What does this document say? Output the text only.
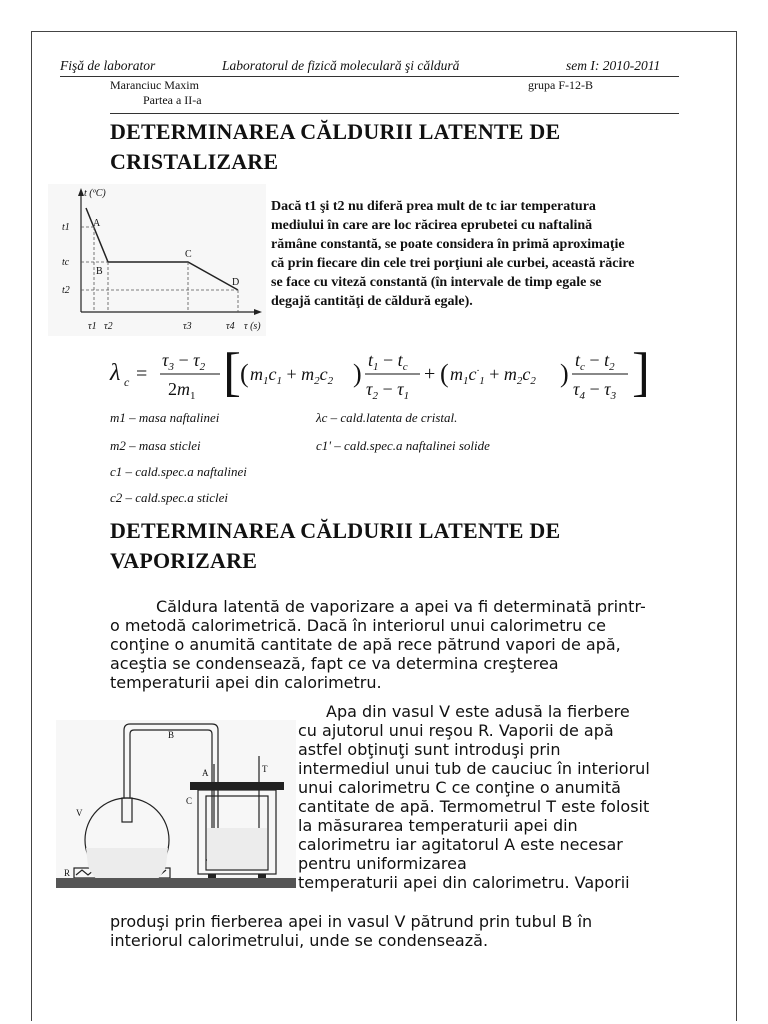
Fişă de laborator	Laboratorul de fizică moleculară şi căldură	sem I: 2010-2011
Maranciuc Maxim	grupa F-12-B
Partea a II-a
DETERMINAREA CĂLDURII LATENTE DE
CRISTALIZARE
t (ºC)
τ (s)
A
B
C
D
t1
tc
t2
τ1 τ2	τ3	τ4
Dacă t1 şi t2 nu diferă prea mult de tc iar temperatura
mediului în care are loc răcirea eprubetei cu naftalină
rămâne constantă, se poate considera în primă aproximaţie
că prin fiecare din cele trei porţiuni ale curbei, această răcire
se face cu viteză constantă (în intervale de timp egale se
degajă cantităţi de căldură egale).
λ c =
$\tau_3 - \tau_2$
$2m_1$ [ ( $m_1c_1 + m_2c_2$ ) $t_1 - t_c$
$\tau_2 - \tau_1$
+ ( $m_1c^\cdot_1 + m_2c_2$ ) $t_c - t_2$
$\tau_4 - \tau_3$ ]
m1 – masa naftalinei	λc – cald.latenta de cristal.
m2 – masa sticlei	c1' – cald.spec.a naftalinei solide
c1 – cald.spec.a naftalinei
c2 – cald.spec.a sticlei
DETERMINAREA CĂLDURII LATENTE DE
VAPORIZARE
Căldura latentă de vaporizare a apei va fi determinată printr-
o metodă calorimetrică. Dacă în interiorul unui calorimetru ce
conţine o anumită cantitate de apă rece pătrund vapori de apă,
aceştia se condensează, fapt ce va determina creşterea
temperaturii apei din calorimetru.
B
A	T
C
V
R
Apa din vasul V este adusă la fierbere
cu ajutorul unui reşou R. Vaporii de apă
astfel obţinuţi sunt introduşi prin
intermediul unui tub de cauciuc în interiorul
unui calorimetru C ce conţine o anumită
cantitate de apă. Termometrul T este folosit
la măsurarea temperaturii apei din
calorimetru iar agitatorul A este necesar
pentru uniformizarea
temperaturii apei din calorimetru. Vaporii
produşi prin fierberea apei in vasul V pătrund prin tubul B în
interiorul calorimetrului, unde se condensează.
